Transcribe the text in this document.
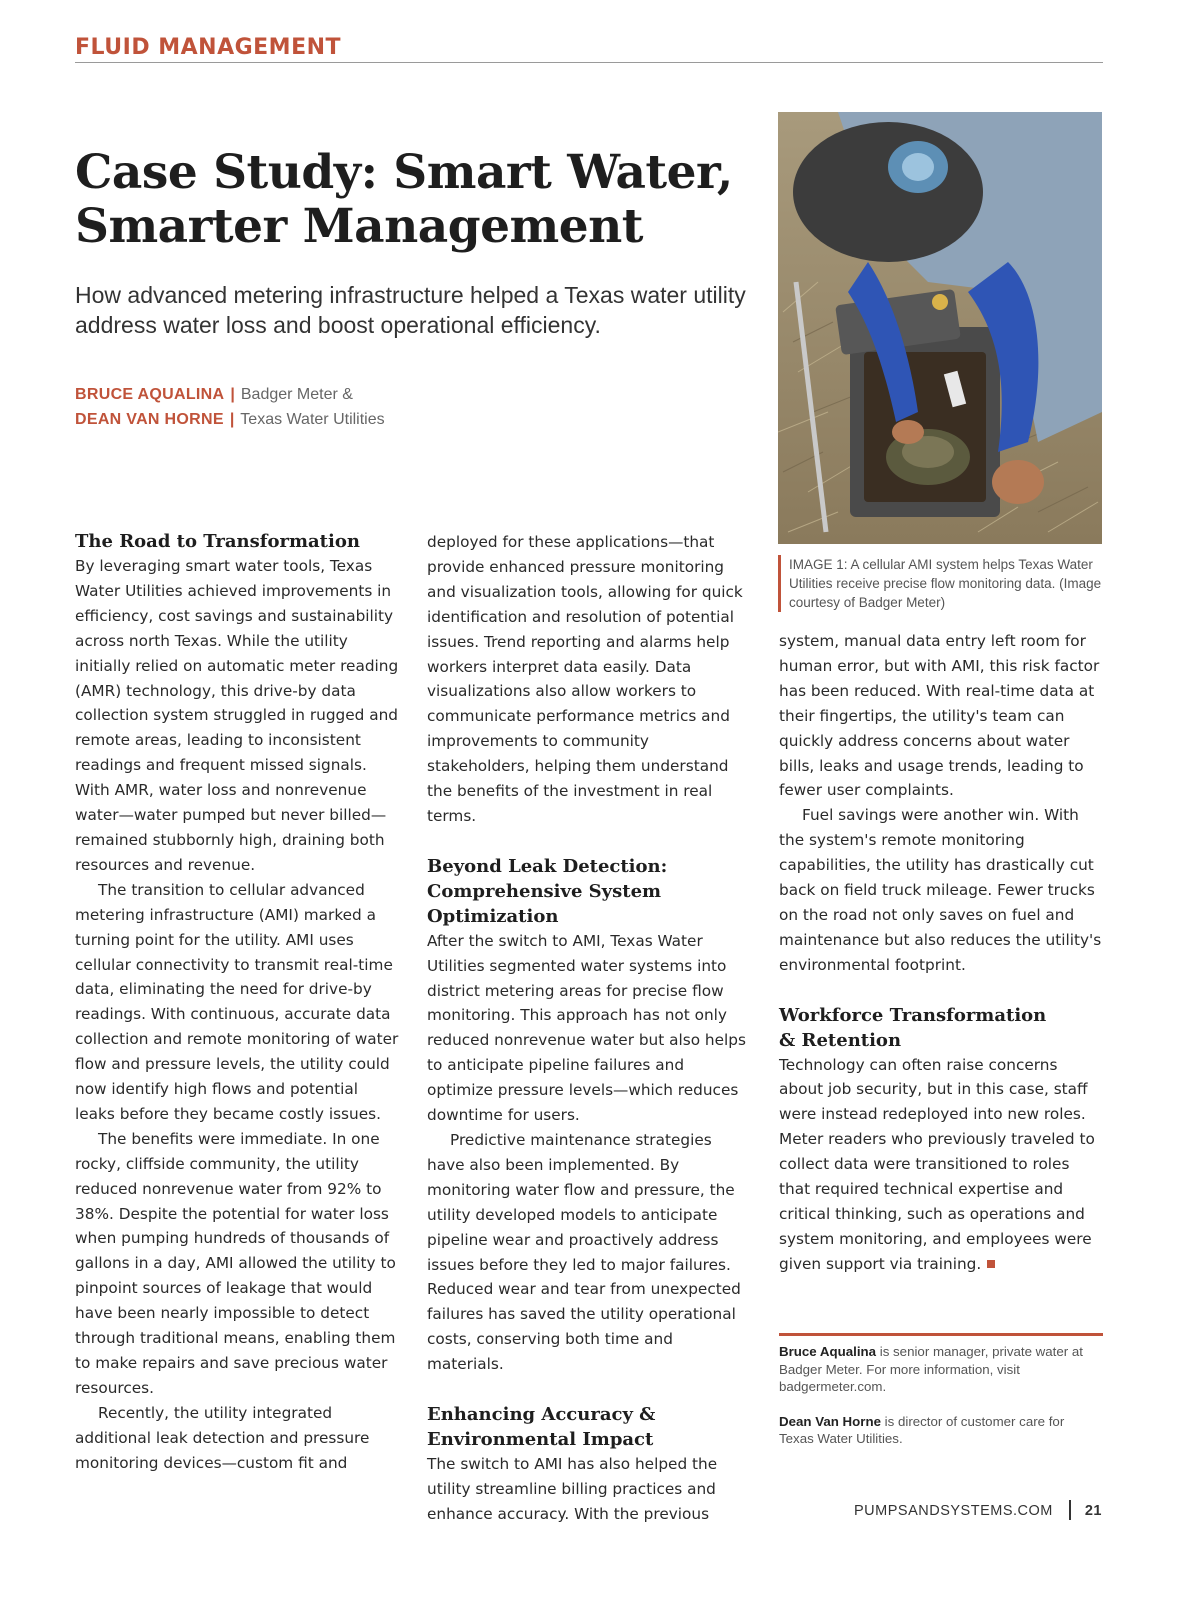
FLUID MANAGEMENT
Case Study: Smart Water,
Smarter Management

How advanced metering infrastructure helped a Texas water utility address water loss and boost operational efficiency.

BRUCE AQUALINA | Badger Meter &
DEAN VAN HORNE | Texas Water Utilities
IMAGE 1: A cellular AMI system helps Texas Water Utilities receive precise flow monitoring data. (Image courtesy of Badger Meter)
The Road to Transformation

By leveraging smart water tools, Texas Water Utilities achieved improvements in efficiency, cost savings and sustainability across north Texas. While the utility initially relied on automatic meter reading (AMR) technology, this drive-by data collection system struggled in rugged and remote areas, leading to inconsistent readings and frequent missed signals. With AMR, water loss and nonrevenue water—water pumped but never billed—remained stubbornly high, draining both resources and revenue.

The transition to cellular advanced metering infrastructure (AMI) marked a turning point for the utility. AMI uses cellular connectivity to transmit real-time data, eliminating the need for drive-by readings. With continuous, accurate data collection and remote monitoring of water flow and pressure levels, the utility could now identify high flows and potential leaks before they became costly issues.

The benefits were immediate. In one rocky, cliffside community, the utility reduced nonrevenue water from 92% to 38%. Despite the potential for water loss when pumping hundreds of thousands of gallons in a day, AMI allowed the utility to pinpoint sources of leakage that would have been nearly impossible to detect through traditional means, enabling them to make repairs and save precious water resources.

Recently, the utility integrated additional leak detection and pressure monitoring devices—custom fit and

deployed for these applications—that provide enhanced pressure monitoring and visualization tools, allowing for quick identification and resolution of potential issues. Trend reporting and alarms help workers interpret data easily. Data visualizations also allow workers to communicate performance metrics and improvements to community stakeholders, helping them understand the benefits of the investment in real terms.

Beyond Leak Detection:
Comprehensive System Optimization

After the switch to AMI, Texas Water Utilities segmented water systems into district metering areas for precise flow monitoring. This approach has not only reduced nonrevenue water but also helps to anticipate pipeline failures and optimize pressure levels—which reduces downtime for users.

Predictive maintenance strategies have also been implemented. By monitoring water flow and pressure, the utility developed models to anticipate pipeline wear and proactively address issues before they led to major failures. Reduced wear and tear from unexpected failures has saved the utility operational costs, conserving both time and materials.

Enhancing Accuracy &
Environmental Impact

The switch to AMI has also helped the utility streamline billing practices and enhance accuracy. With the previous

system, manual data entry left room for human error, but with AMI, this risk factor has been reduced. With real-time data at their fingertips, the utility's team can quickly address concerns about water bills, leaks and usage trends, leading to fewer user complaints.

Fuel savings were another win. With the system's remote monitoring capabilities, the utility has drastically cut back on field truck mileage. Fewer trucks on the road not only saves on fuel and maintenance but also reduces the utility's environmental footprint.

Workforce Transformation
& Retention

Technology can often raise concerns about job security, but in this case, staff were instead redeployed into new roles. Meter readers who previously traveled to collect data were transitioned to roles that required technical expertise and critical thinking, such as operations and system monitoring, and employees were given support via training.

Bruce Aqualina is senior manager, private water at Badger Meter. For more information, visit badgermeter.com.

Dean Van Horne is director of customer care for Texas Water Utilities.

PUMPSANDSYSTEMS.COM 21
